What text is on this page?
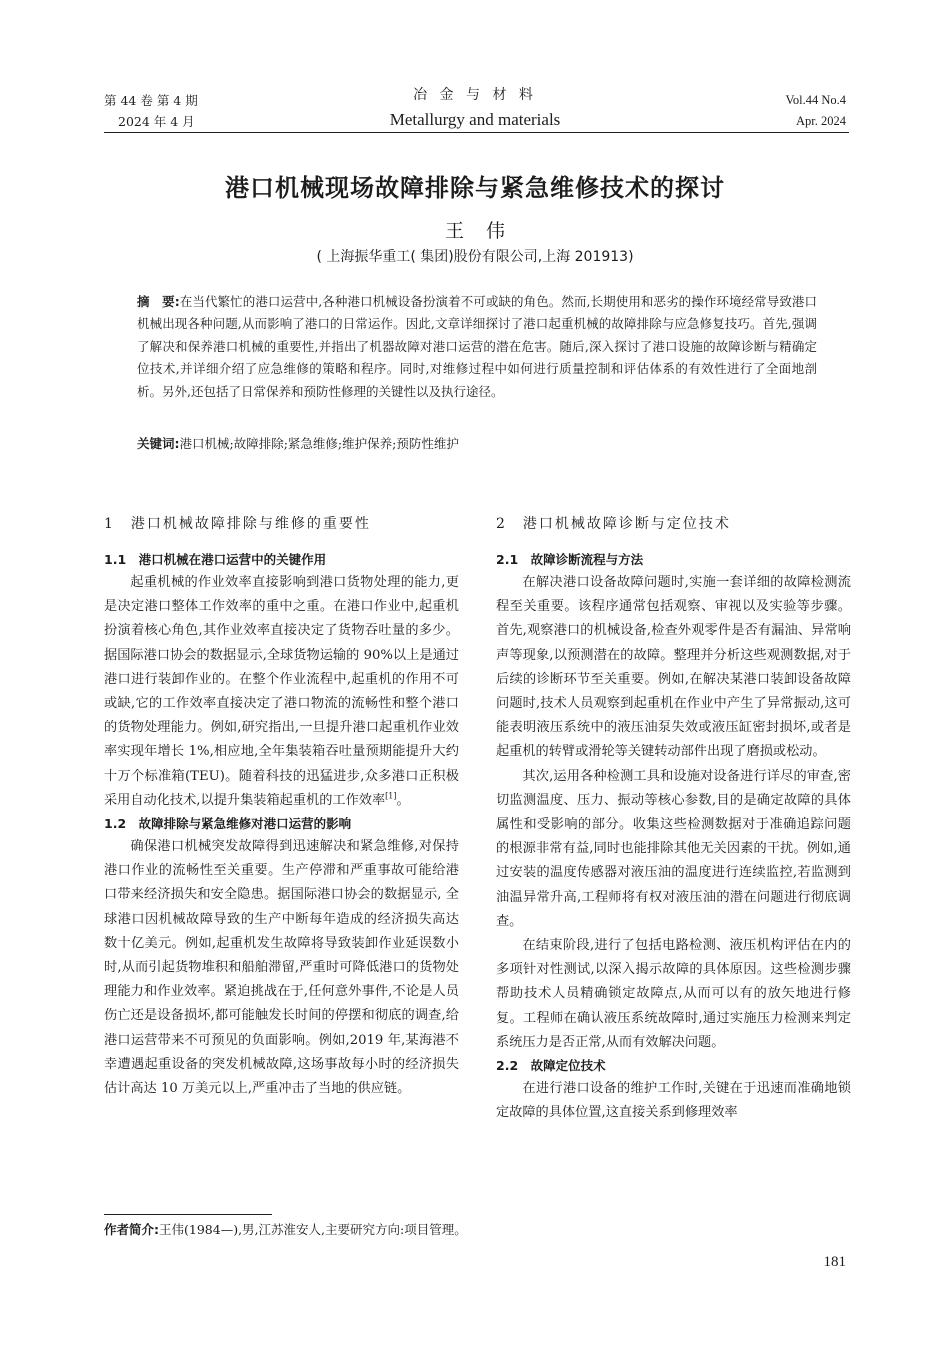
第 44 卷 第 4 期
2024 年 4 月
冶 金 与 材 料
Metallurgy and materials
Vol.44 No.4
Apr. 2024
港口机械现场故障排除与紧急维修技术的探讨
王伟
( 上海振华重工( 集团)股份有限公司,上海 201913)
摘　要:在当代繁忙的港口运营中,各种港口机械设备扮演着不可或缺的角色。然而,长期使用和恶劣的操作环境经常导致港口机械出现各种问题,从而影响了港口的日常运作。因此,文章详细探讨了港口起重机械的故障排除与应急修复技巧。首先,强调了解决和保养港口机械的重要性,并指出了机器故障对港口运营的潜在危害。随后,深入探讨了港口设施的故障诊断与精确定位技术,并详细介绍了应急维修的策略和程序。同时,对维修过程中如何进行质量控制和评估体系的有效性进行了全面地剖析。另外,还包括了日常保养和预防性修理的关键性以及执行途径。
关键词:港口机械;故障排除;紧急维修;维护保养;预防性维护
1　港口机械故障排除与维修的重要性
1.1　港口机械在港口运营中的关键作用

起重机械的作业效率直接影响到港口货物处理的能力,更是决定港口整体工作效率的重中之重。在港口作业中,起重机扮演着核心角色,其作业效率直接决定了货物吞吐量的多少。据国际港口协会的数据显示,全球货物运输的 90%以上是通过港口进行装卸作业的。在整个作业流程中,起重机的作用不可或缺,它的工作效率直接决定了港口物流的流畅性和整个港口的货物处理能力。例如,研究指出,一旦提升港口起重机作业效率实现年增长 1%,相应地,全年集装箱吞吐量预期能提升大约十万个标准箱(TEU)。随着科技的迅猛进步,众多港口正积极采用自动化技术,以提升集装箱起重机的工作效率[1]。

1.2　故障排除与紧急维修对港口运营的影响

确保港口机械突发故障得到迅速解决和紧急维修,对保持港口作业的流畅性至关重要。生产停滞和严重事故可能给港口带来经济损失和安全隐患。据国际港口协会的数据显示, 全球港口因机械故障导致的生产中断每年造成的经济损失高达数十亿美元。例如,起重机发生故障将导致装卸作业延误数小时,从而引起货物堆积和船舶滞留,严重时可降低港口的货物处理能力和作业效率。紧迫挑战在于,任何意外事件,不论是人员伤亡还是设备损坏,都可能触发长时间的停摆和彻底的调查,给港口运营带来不可预见的负面影响。例如,2019 年,某海港不幸遭遇起重设备的突发机械故障,这场事故每小时的经济损失估计高达 10 万美元以上,严重冲击了当地的供应链。

2　港口机械故障诊断与定位技术
2.1　故障诊断流程与方法

在解决港口设备故障问题时,实施一套详细的故障检测流程至关重要。该程序通常包括观察、审视以及实验等步骤。首先,观察港口的机械设备,检查外观零件是否有漏油、异常响声等现象,以预测潜在的故障。整理并分析这些观测数据,对于后续的诊断环节至关重要。例如,在解决某港口装卸设备故障问题时,技术人员观察到起重机在作业中产生了异常振动,这可能表明液压系统中的液压油泵失效或液压缸密封损坏,或者是起重机的转臂或滑轮等关键转动部件出现了磨损或松动。

其次,运用各种检测工具和设施对设备进行详尽的审查,密切监测温度、压力、振动等核心参数,目的是确定故障的具体属性和受影响的部分。收集这些检测数据对于准确追踪问题的根源非常有益,同时也能排除其他无关因素的干扰。例如,通过安装的温度传感器对液压油的温度进行连续监控,若监测到油温异常升高,工程师将有权对液压油的潜在问题进行彻底调查。

在结束阶段,进行了包括电路检测、液压机构评估在内的多项针对性测试,以深入揭示故障的具体原因。这些检测步骤帮助技术人员精确锁定故障点,从而可以有的放矢地进行修复。工程师在确认液压系统故障时,通过实施压力检测来判定系统压力是否正常,从而有效解决问题。

2.2　故障定位技术

在进行港口设备的维护工作时,关键在于迅速而准确地锁定故障的具体位置,这直接关系到修理效率

作者简介:王伟(1984—),男,江苏淮安人,主要研究方向:项目管理。
181
